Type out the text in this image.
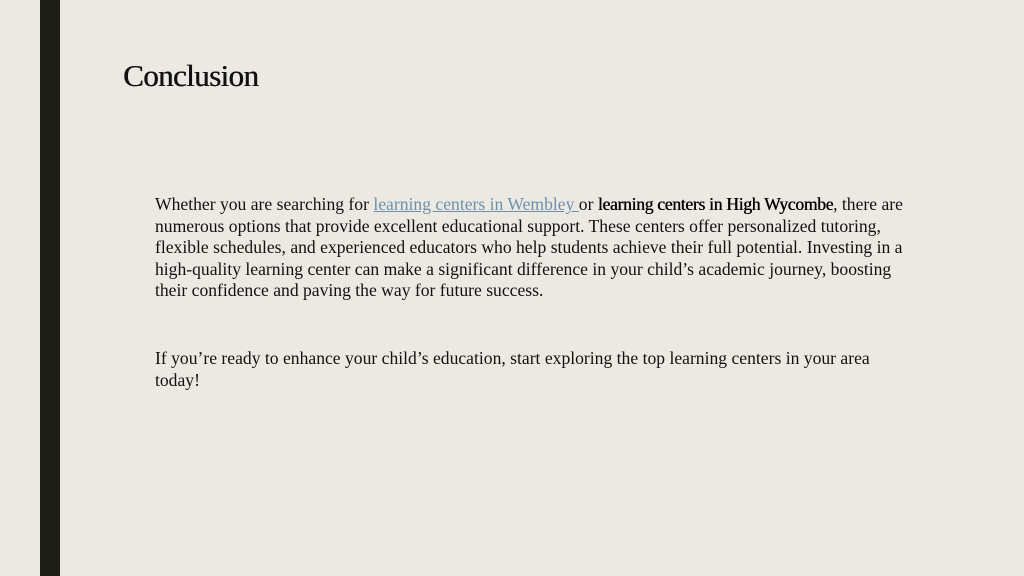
Conclusion

Whether you are searching for learning centers in Wembley or learning centers in High Wycombe, there are numerous options that provide excellent educational support. These centers offer personalized tutoring, flexible schedules, and experienced educators who help students achieve their full potential. Investing in a high-quality learning center can make a significant difference in your child’s academic journey, boosting their confidence and paving the way for future success.

If you’re ready to enhance your child’s education, start exploring the top learning centers in your area today!
